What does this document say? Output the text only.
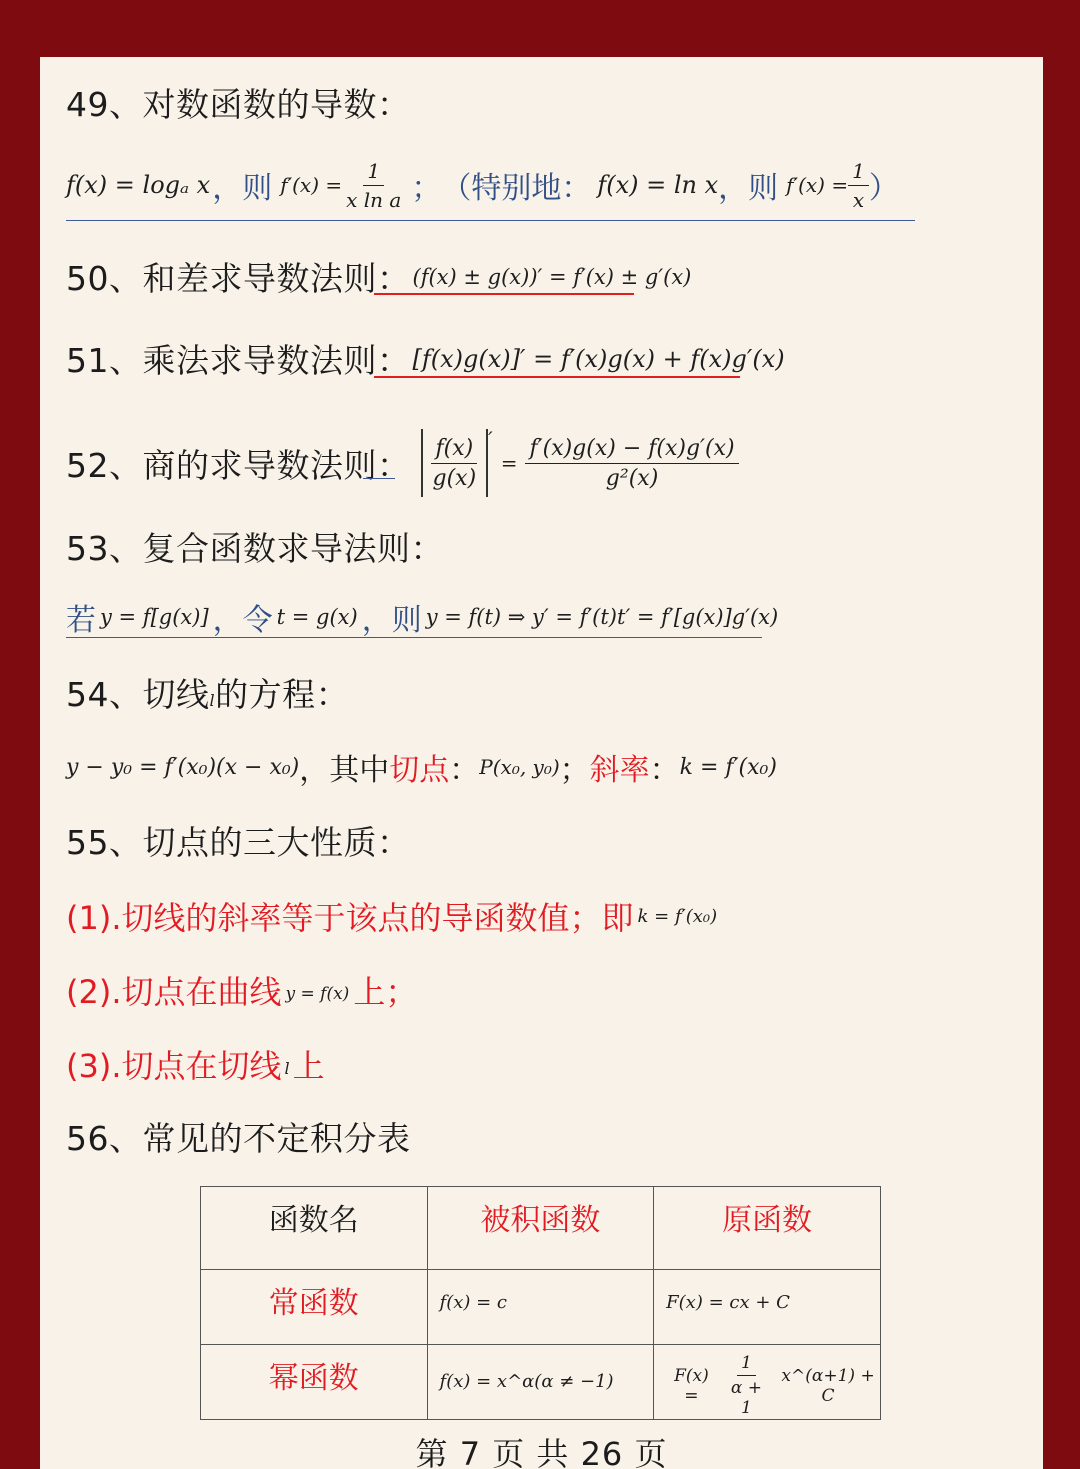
49、对数函数的导数：
f(x) = logₐ x ， 则 $f'(x) = \frac{1}{\text{x ln a}}$ ； （特别地： f(x) = ln x ， 则 $f'(x) = \frac{1}{x}$ ）
50、和差求导数法则： (f(x) ± g(x))′ = f′(x) ± g′(x)
51、乘法求导数法则： [f(x)g(x)]′ = f′(x)g(x) + f(x)g′(x)
52、商的求导数法则： $\frac{f(x)}{g(x)}$ ′
= $\frac{f'(x)g(x) - f(x)g'(x)}{\text{g²(x)}}$
53、复合函数求导法则：
若 y = f[g(x)] ， 令 t = g(x) ， 则 y = f(t) ⇒ y′ = f′(t)t′ = f′[g(x)]g′(x)
54、切线l的方程：
y − y₀ = f′(x₀)(x − x₀) ，其中 切点 ： P(x₀, y₀) ； 斜率 ： k = f′(x₀)
55、切点的三大性质：
(1).切线的斜率等于该点的导函数值；即 k = f′(x₀)
(2).切点在曲线 y = f(x) 上；
(3).切点在切线 l 上
56、常见的不定积分表
函数名	被积函数	原函数

常函数	f(x) = c	F(x) = cx + C

幂函数	f(x) = x^α(α ≠ −1)	$F(x) = \frac{1}{\alpha + 1}$ x^(α+1) + C
第 7 页 共 26 页
